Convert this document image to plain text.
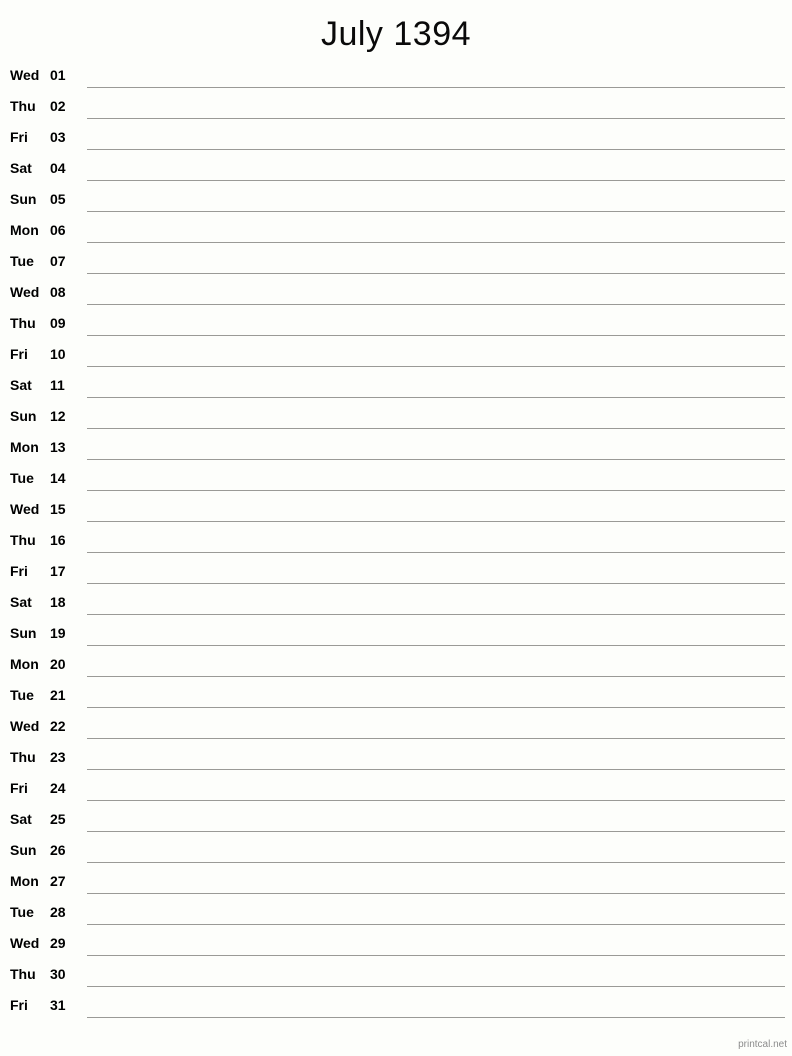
July 1394
Wed 01
Thu	02
Fri	03
Sat	04
Sun 05
Mon 06
Tue	07
Wed 08
Thu	09
Fri	10
Sat	11
Sun 12
Mon 13
Tue	14
Wed 15
Thu	16
Fri	17
Sat	18
Sun 19
Mon 20
Tue	21
Wed 22
Thu	23
Fri	24
Sat	25
Sun 26
Mon 27
Tue	28
Wed 29
Thu	30
Fri	31
printcal.net
